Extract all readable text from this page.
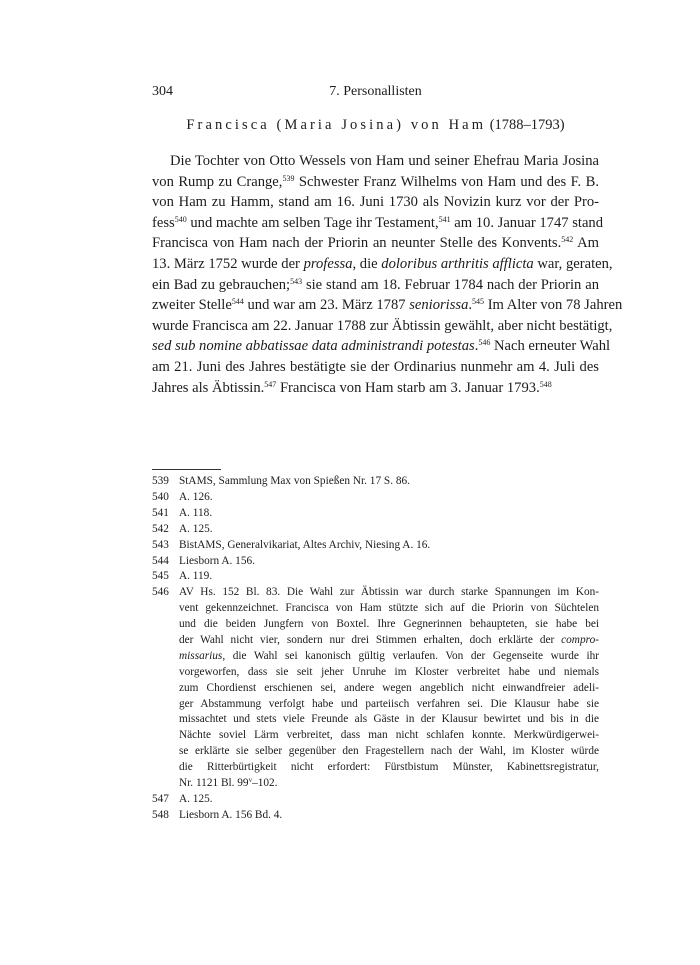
304	7. Personallisten
Francisca (Maria Josina) von Ham (1788–1793)
Die Tochter von Otto Wessels von Ham und seiner Ehefrau Maria Josina
von Rump zu Crange,$^{539}$ Schwester Franz Wilhelms von Ham und des F. B.
von Ham zu Hamm, stand am 16. Juni 1730 als Novizin kurz vor der Pro-
fess$^{540}$ und machte am selben Tage ihr Testament,$^{541}$ am 10. Januar 1747 stand
Francisca von Ham nach der Priorin an neunter Stelle des Konvents.$^{542}$ Am
13. März 1752 wurde der professa, die doloribus arthritis afflicta war, geraten,
ein Bad zu gebrauchen;$^{543}$ sie stand am 18. Februar 1784 nach der Priorin an
zweiter Stelle$^{544}$ und war am 23. März 1787 seniorissa.$^{545}$ Im Alter von 78 Jahren
wurde Francisca am 22. Januar 1788 zur Äbtissin gewählt, aber nicht bestätigt,
sed sub nomine abbatissae data administrandi potestas.$^{546}$ Nach erneuter Wahl
am 21. Juni des Jahres bestätigte sie der Ordinarius nunmehr am 4. Juli des
Jahres als Äbtissin.$^{547}$ Francisca von Ham starb am 3. Januar 1793.$^{548}$
539 StAMS, Sammlung Max von Spießen Nr. 17 S. 86.
540 A. 126.
541 A. 118.
542 A. 125.
543 BistAMS, Generalvikariat, Altes Archiv, Niesing A. 16.
544 Liesborn A. 156.
545 A. 119.
546 AV Hs. 152 Bl. 83. Die Wahl zur Äbtissin war durch starke Spannungen im Kon-
vent gekennzeichnet. Francisca von Ham stützte sich auf die Priorin von Süchtelen
und die beiden Jungfern von Boxtel. Ihre Gegnerinnen behaupteten, sie habe bei
der Wahl nicht vier, sondern nur drei Stimmen erhalten, doch erklärte der compro-
missarius, die Wahl sei kanonisch gültig verlaufen. Von der Gegenseite wurde ihr
vorgeworfen, dass sie seit jeher Unruhe im Kloster verbreitet habe und niemals
zum Chordienst erschienen sei, andere wegen angeblich nicht einwandfreier adeli-
ger Abstammung verfolgt habe und parteiisch verfahren sei. Die Klausur habe sie
missachtet und stets viele Freunde als Gäste in der Klausur bewirtet und bis in die
Nächte soviel Lärm verbreitet, dass man nicht schlafen konnte. Merkwürdigerwei-
se erklärte sie selber gegenüber den Fragestellern nach der Wahl, im Kloster würde
die Ritterbürtigkeit nicht erfordert: Fürstbistum Münster, Kabinettsregistratur,
Nr. 1121 Bl. 99$^v$–102.
547 A. 125.
548 Liesborn A. 156 Bd. 4.
